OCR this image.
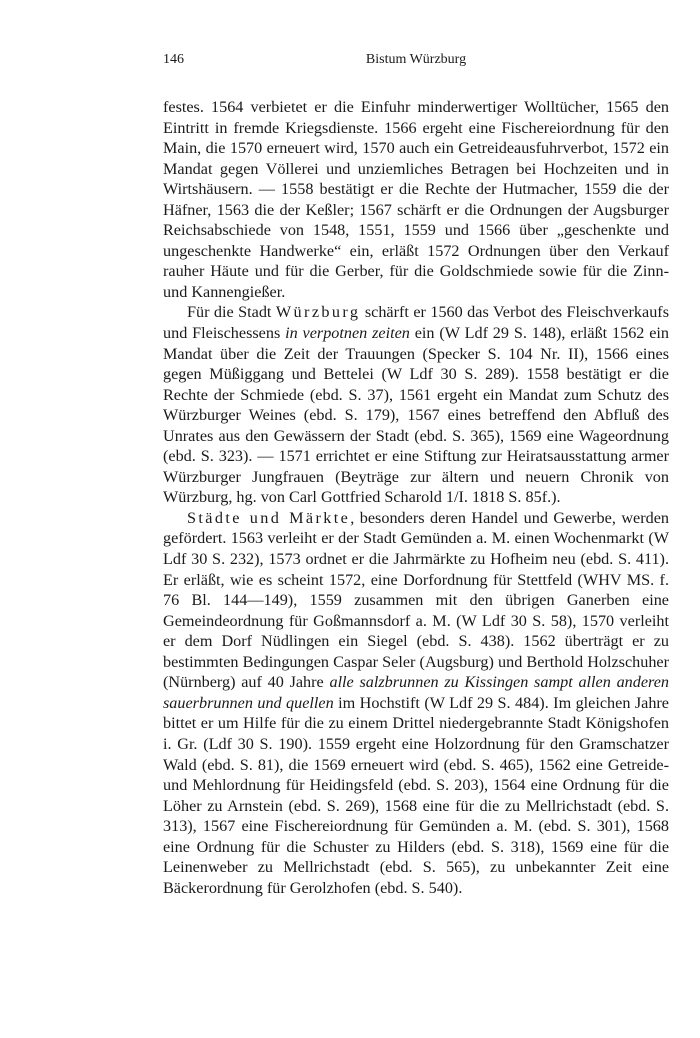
146	Bistum Würzburg

festes. 1564 verbietet er die Einfuhr minderwertiger Wolltücher, 1565 den Eintritt in fremde Kriegsdienste. 1566 ergeht eine Fischereiordnung für den Main, die 1570 erneuert wird, 1570 auch ein Getreideausfuhrverbot, 1572 ein Mandat gegen Völlerei und unziemliches Betragen bei Hochzeiten und in Wirtshäusern. — 1558 bestätigt er die Rechte der Hutmacher, 1559 die der Häfner, 1563 die der Keßler; 1567 schärft er die Ordnungen der Augsburger Reichsabschiede von 1548, 1551, 1559 und 1566 über „geschenkte und ungeschenkte Handwerke“ ein, erläßt 1572 Ordnungen über den Verkauf rauher Häute und für die Gerber, für die Goldschmiede sowie für die Zinn- und Kannengießer.

Für die Stadt Würzburg schärft er 1560 das Verbot des Fleischverkaufs und Fleischessens in verpotnen zeiten ein (W Ldf 29 S. 148), erläßt 1562 ein Mandat über die Zeit der Trauungen (Specker S. 104 Nr. II), 1566 eines gegen Müßiggang und Bettelei (W Ldf 30 S. 289). 1558 bestätigt er die Rechte der Schmiede (ebd. S. 37), 1561 ergeht ein Mandat zum Schutz des Würzburger Weines (ebd. S. 179), 1567 eines betreffend den Abfluß des Unrates aus den Gewässern der Stadt (ebd. S. 365), 1569 eine Wageordnung (ebd. S. 323). — 1571 errichtet er eine Stiftung zur Heiratsausstattung armer Würzburger Jungfrauen (Beyträge zur ältern und neuern Chronik von Würzburg, hg. von Carl Gottfried Scharold 1/I. 1818 S. 85f.).

Städte und Märkte, besonders deren Handel und Gewerbe, werden gefördert. 1563 verleiht er der Stadt Gemünden a. M. einen Wochenmarkt (W Ldf 30 S. 232), 1573 ordnet er die Jahrmärkte zu Hofheim neu (ebd. S. 411). Er erläßt, wie es scheint 1572, eine Dorfordnung für Stettfeld (WHV MS. f. 76 Bl. 144—149), 1559 zusammen mit den übrigen Ganerben eine Gemeindeordnung für Goßmannsdorf a. M. (W Ldf 30 S. 58), 1570 verleiht er dem Dorf Nüdlingen ein Siegel (ebd. S. 438). 1562 überträgt er zu bestimmten Bedingungen Caspar Seler (Augsburg) und Berthold Holzschuher (Nürnberg) auf 40 Jahre alle salzbrunnen zu Kissingen sampt allen anderen sauerbrunnen und quellen im Hochstift (W Ldf 29 S. 484). Im gleichen Jahre bittet er um Hilfe für die zu einem Drittel niedergebrannte Stadt Königshofen i. Gr. (Ldf 30 S. 190). 1559 ergeht eine Holzordnung für den Gramschatzer Wald (ebd. S. 81), die 1569 erneuert wird (ebd. S. 465), 1562 eine Getreide- und Mehlordnung für Heidingsfeld (ebd. S. 203), 1564 eine Ordnung für die Löher zu Arnstein (ebd. S. 269), 1568 eine für die zu Mellrichstadt (ebd. S. 313), 1567 eine Fischereiordnung für Gemünden a. M. (ebd. S. 301), 1568 eine Ordnung für die Schuster zu Hilders (ebd. S. 318), 1569 eine für die Leinenweber zu Mellrichstadt (ebd. S. 565), zu unbekannter Zeit eine Bäckerordnung für Gerolzhofen (ebd. S. 540).
